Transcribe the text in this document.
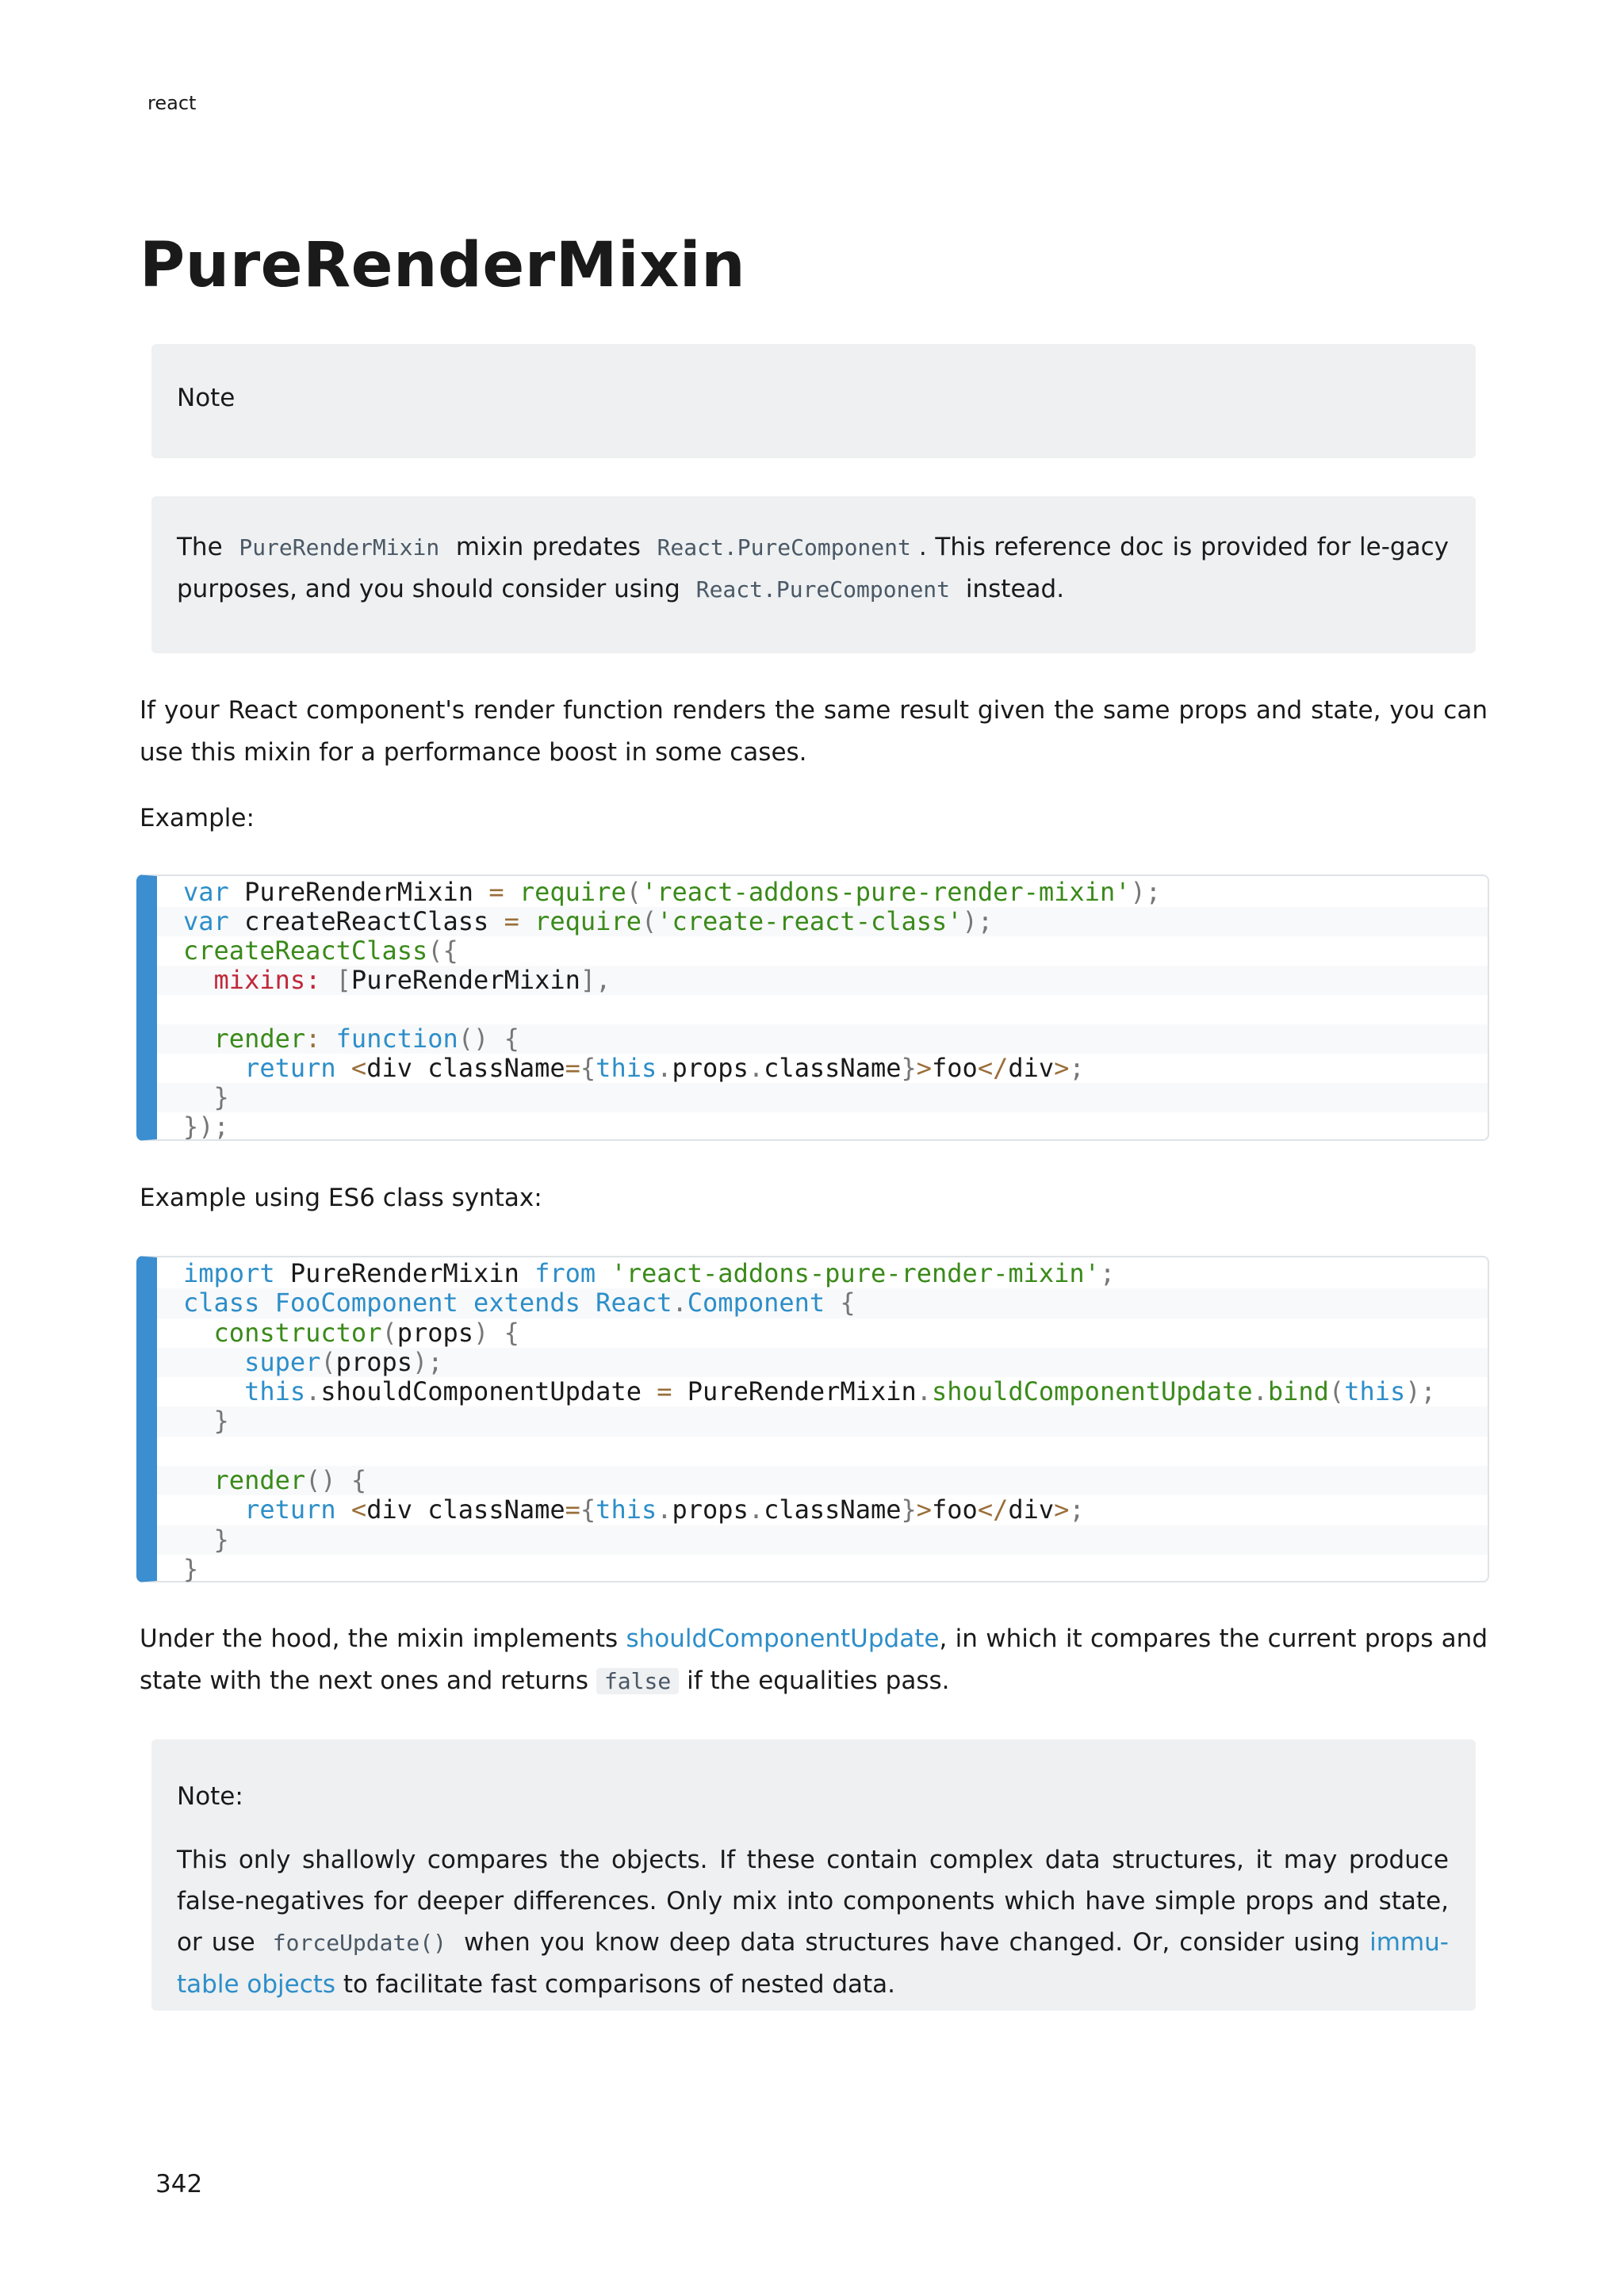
react
PureRenderMixin
Note

The PureRenderMixin mixin predates React.PureComponent . This reference doc is provided for le-gacy purposes, and you should consider using React.PureComponent instead.

If your React component's render function renders the same result given the same props and state, you can use this mixin for a performance boost in some cases.

Example:

var PureRenderMixin = require('react-addons-pure-render-mixin');
var createReactClass = require('create-react-class');
createReactClass({
mixins: [PureRenderMixin],

render: function() {
return <div className={this.props.className}>foo</div>;
}
});

Example using ES6 class syntax:

import PureRenderMixin from 'react-addons-pure-render-mixin';
class FooComponent extends React.Component {
constructor(props) {
super(props);
this.shouldComponentUpdate = PureRenderMixin.shouldComponentUpdate.bind(this);
}

render() {
return <div className={this.props.className}>foo</div>;
}
}

Under the hood, the mixin implements shouldComponentUpdate, in which it compares the current props and state with the next ones and returns false if the equalities pass.

Note:

This only shallowly compares the objects. If these contain complex data structures, it may produce false-negatives for deeper differences. Only mix into components which have simple props and state, or use forceUpdate() when you know deep data structures have changed. Or, consider using immu-table objects to facilitate fast comparisons of nested data.

342
